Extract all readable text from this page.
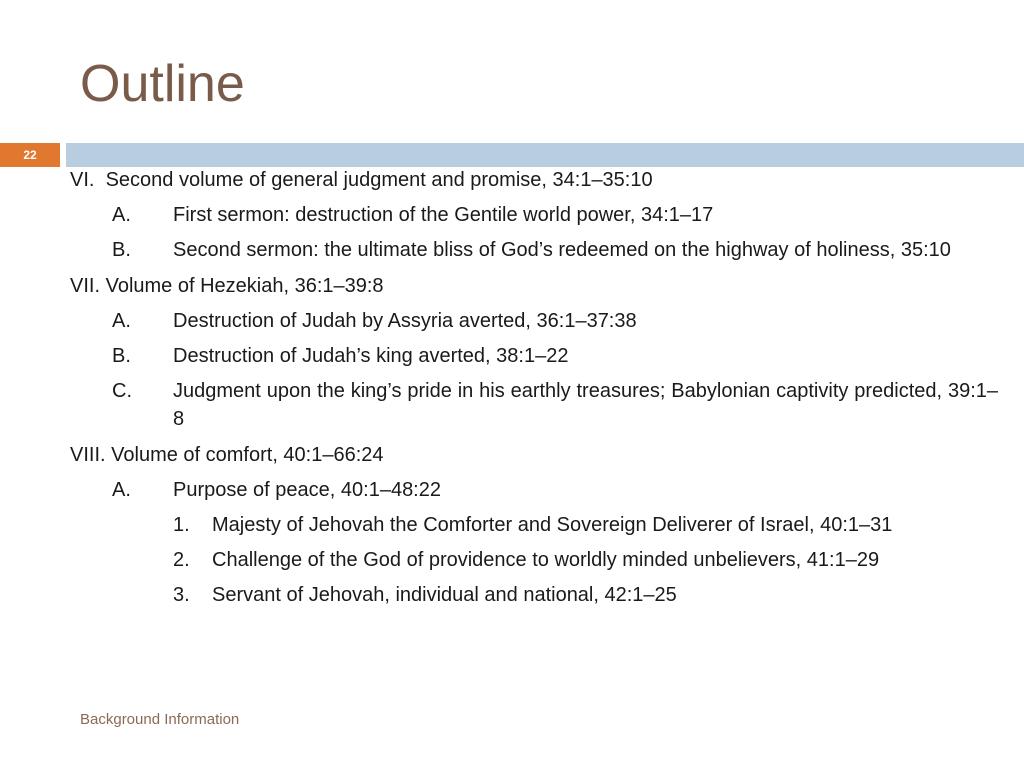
Outline
22
VI. Second volume of general judgment and promise, 34:1–35:10
A. First sermon: destruction of the Gentile world power, 34:1–17
B. Second sermon: the ultimate bliss of God’s redeemed on the highway of holiness, 35:10
VII. Volume of Hezekiah, 36:1–39:8
A. Destruction of Judah by Assyria averted, 36:1–37:38
B. Destruction of Judah’s king averted, 38:1–22
C. Judgment upon the king’s pride in his earthly treasures; Babylonian captivity predicted, 39:1–8
VIII. Volume of comfort, 40:1–66:24
A. Purpose of peace, 40:1–48:22
1. Majesty of Jehovah the Comforter and Sovereign Deliverer of Israel, 40:1–31
2. Challenge of the God of providence to worldly minded unbelievers, 41:1–29
3. Servant of Jehovah, individual and national, 42:1–25
Background Information
